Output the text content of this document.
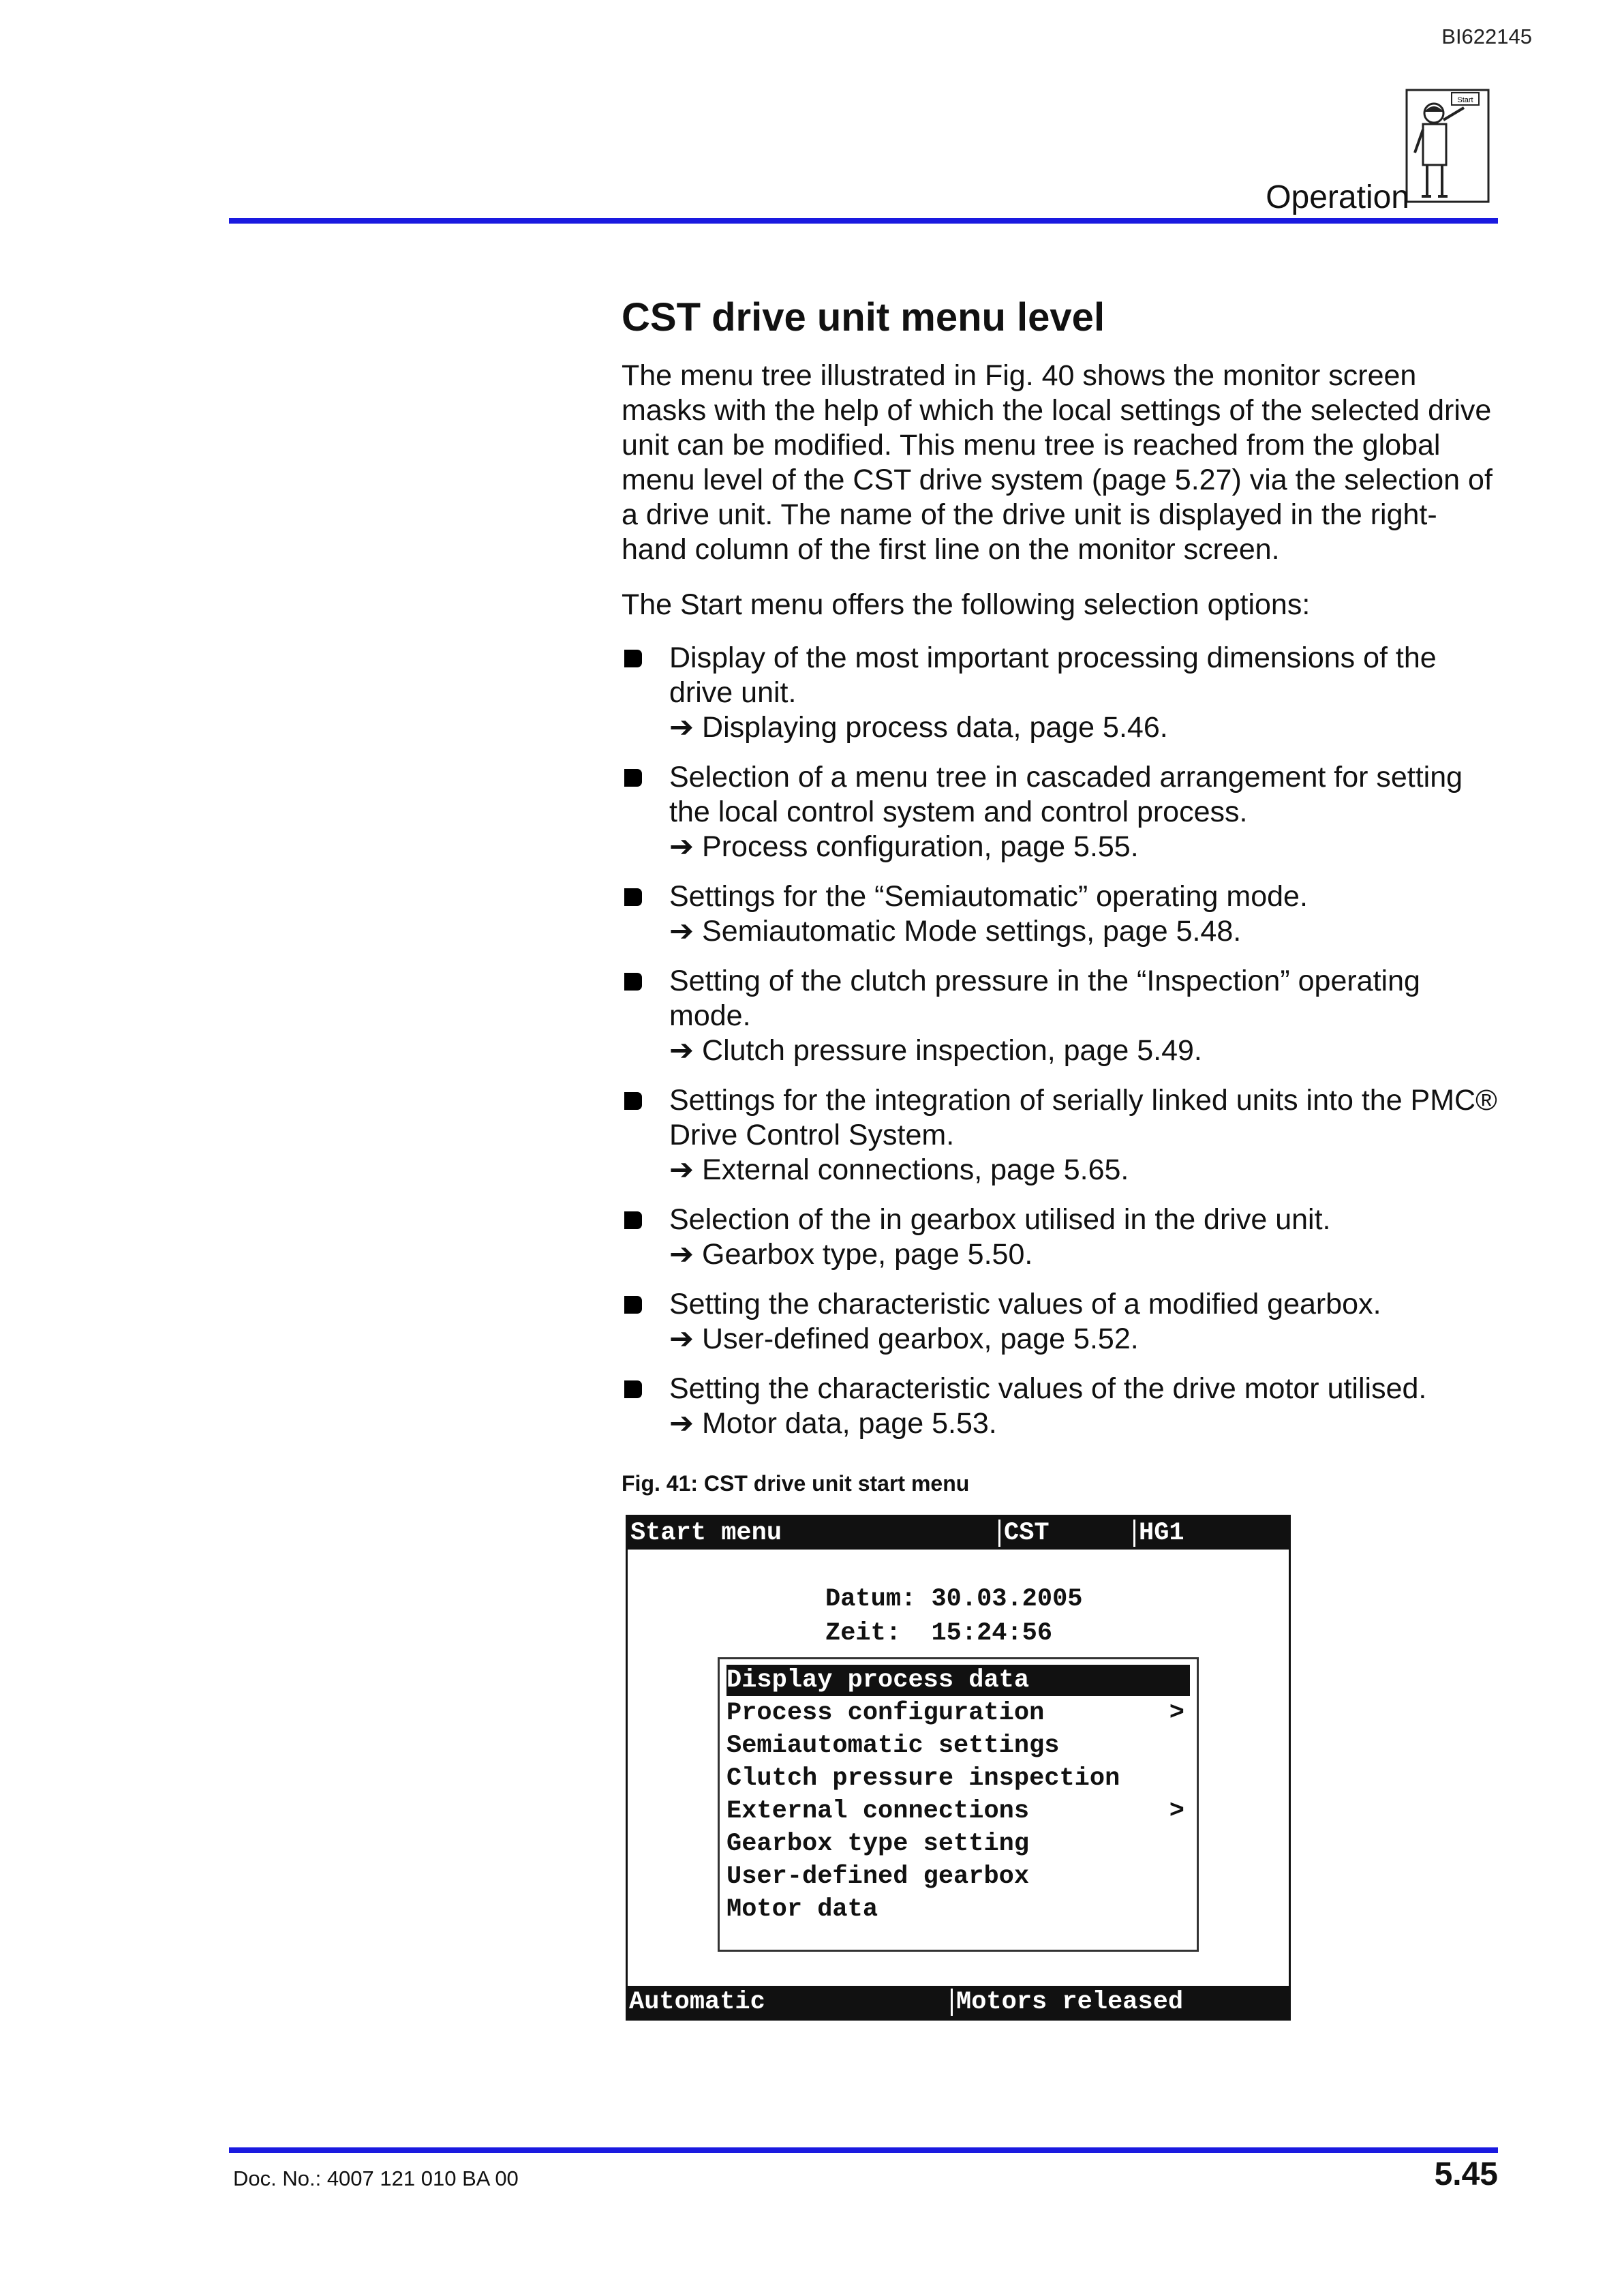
BI622145
Start
Operation
CST drive unit menu level

The menu tree illustrated in Fig. 40 shows the monitor screen masks with the help of which the local settings of the selected drive unit can be modified. This menu tree is reached from the global menu level of the CST drive system (page 5.27) via the selection of a drive unit. The name of the drive unit is displayed in the right-hand column of the first line on the monitor screen.

The Start menu offers the following selection options:

Display of the most important processing dimensions of the drive unit.
➔ Displaying process data, page 5.46.
Selection of a menu tree in cascaded arrangement for setting the local control system and control process.
➔ Process configuration, page 5.55.
Settings for the “Semiautomatic” operating mode.
➔ Semiautomatic Mode settings, page 5.48.
Setting of the clutch pressure in the “Inspection” operating mode.
➔ Clutch pressure inspection, page 5.49.
Settings for the integration of serially linked units into the PMC® Drive Control System.
➔ External connections, page 5.65.
Selection of the in gearbox utilised in the drive unit.
➔ Gearbox type, page 5.50.
Setting the characteristic values of a modified gearbox.
➔ User-defined gearbox, page 5.52.
Setting the characteristic values of the drive motor utilised.
➔ Motor data, page 5.53.
Fig. 41: CST drive unit start menu
Start menu	CST	HG1
Datum: 30.03.2005
Zeit: 15:24:56
Display process data
Process configuration	>
Semiautomatic settings
Clutch pressure inspection
External connections	>
Gearbox type setting
User-defined gearbox
Motor data
Automatic	Motors released
Doc. No.: 4007 121 010 BA 00	5.45
